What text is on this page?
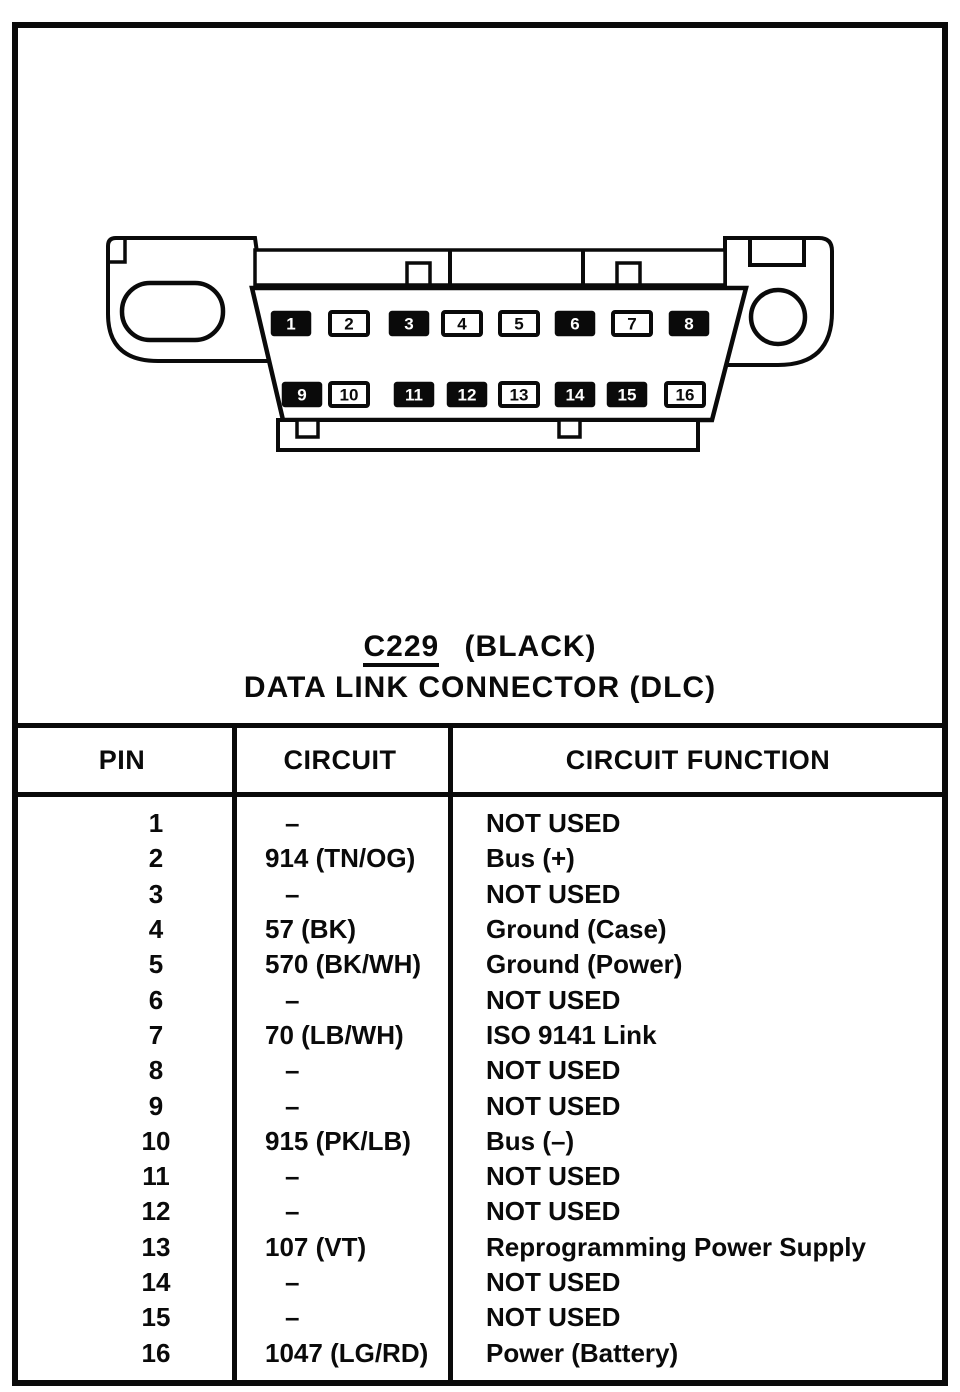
1	2	3	4	5	6	7	8
9 10	11 12 13 14 15 16
C229 (BLACK)
DATA LINK CONNECTOR (DLC)
PIN	CIRCUIT	CIRCUIT FUNCTION
1	–	NOT USED
2	914 (TN/OG)	Bus (+)
3	–	NOT USED
4	57 (BK)	Ground (Case)
5	570 (BK/WH)	Ground (Power)
6	–	NOT USED
7	70 (LB/WH)	ISO 9141 Link
8	–	NOT USED
9	–	NOT USED
10	915 (PK/LB)	Bus (–)
11	–	NOT USED
12	–	NOT USED
13	107 (VT)	Reprogramming Power Supply
14	–	NOT USED
15	–	NOT USED
16	1047 (LG/RD)	Power (Battery)
